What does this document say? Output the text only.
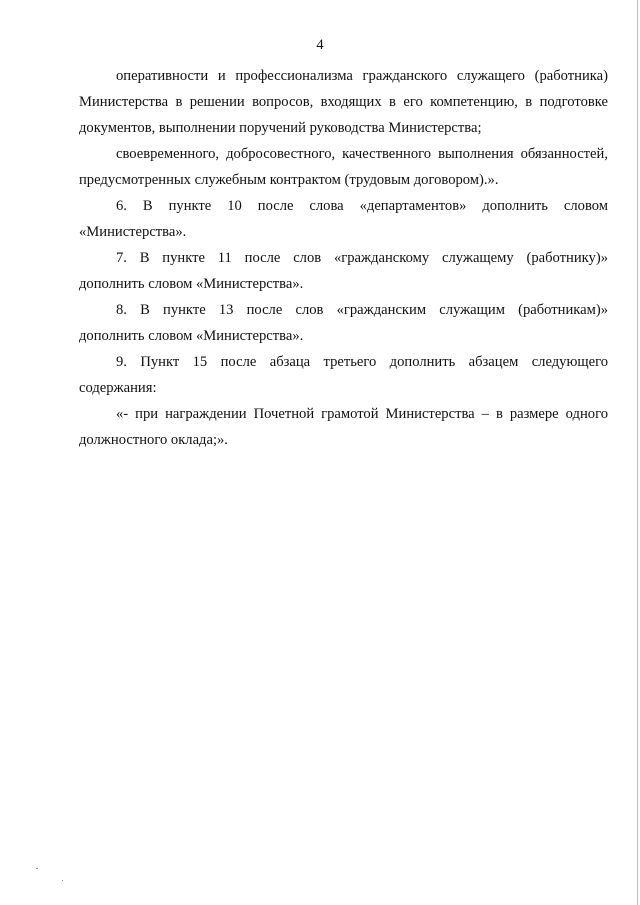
4

оперативности и профессионализма гражданского служащего (работника)
Министерства в решении вопросов, входящих в его компетенцию, в подготовке
документов, выполнении поручений руководства Министерства;

своевременного, добросовестного, качественного выполнения обязанностей,
предусмотренных служебным контрактом (трудовым договором).».

6. В пункте 10 после слова «департаментов» дополнить словом
«Министерства».

7. В пункте 11 после слов «гражданскому служащему (работнику)»
дополнить словом «Министерства».

8. В пункте 13 после слов «гражданским служащим (работникам)»
дополнить словом «Министерства».

9. Пункт 15 после абзаца третьего дополнить абзацем следующего
содержания:

«- при награждении Почетной грамотой Министерства – в размере одного
должностного оклада;».
